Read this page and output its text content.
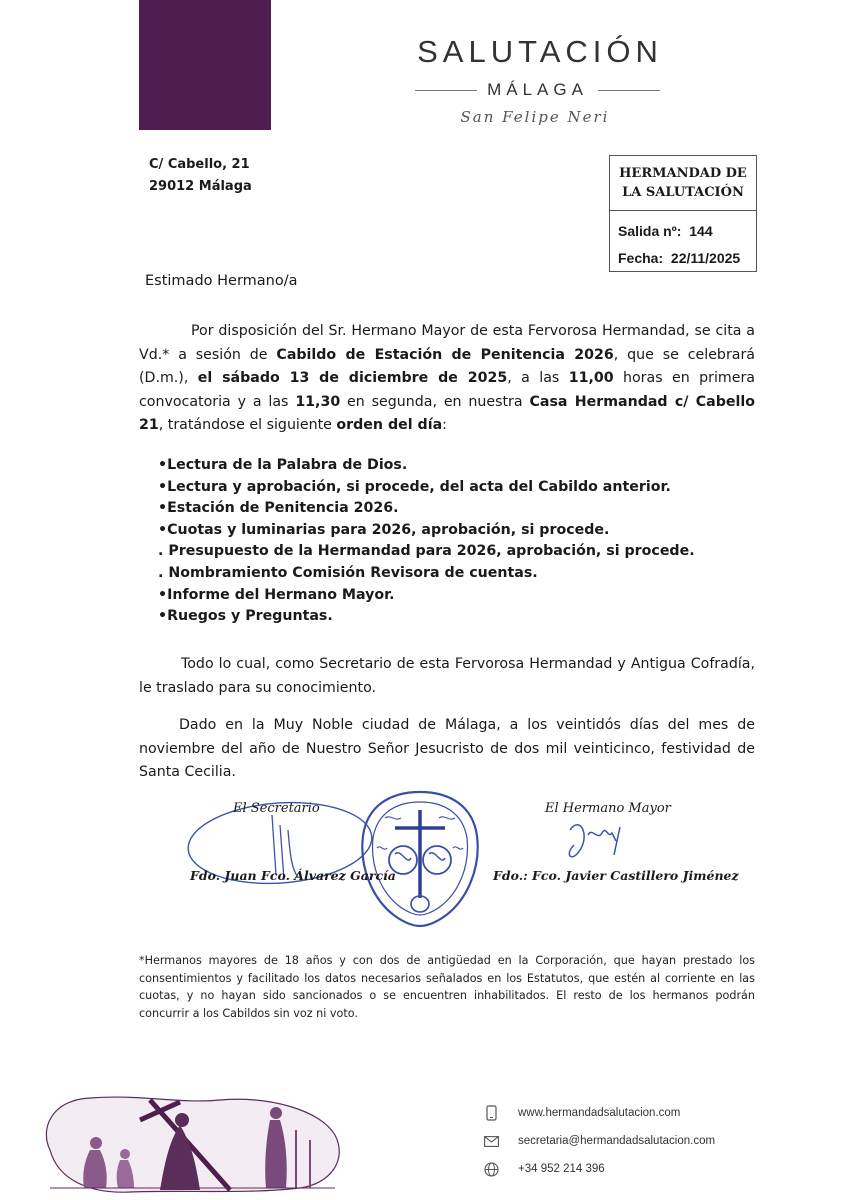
SALUTACIÓN
MÁLAGA
San Felipe Neri
C/ Cabello, 21
29012 Málaga
HERMANDAD DE
LA SALUTACIÓN
Salida nº: 144
Fecha: 22/11/2025
Estimado Hermano/a

Por disposición del Sr. Hermano Mayor de esta Fervorosa Hermandad, se cita a Vd.* a sesión de Cabildo de Estación de Penitencia 2026, que se celebrará (D.m.), el sábado 13 de diciembre de 2025, a las 11,00 horas en primera convocatoria y a las 11,30 en segunda, en nuestra Casa Hermandad c/ Cabello 21, tratándose el siguiente orden del día:

•Lectura de la Palabra de Dios.
•Lectura y aprobación, si procede, del acta del Cabildo anterior.
•Estación de Penitencia 2026.
•Cuotas y luminarias para 2026, aprobación, si procede.
. Presupuesto de la Hermandad para 2026, aprobación, si procede.
. Nombramiento Comisión Revisora de cuentas.
•Informe del Hermano Mayor.
•Ruegos y Preguntas.

Todo lo cual, como Secretario de esta Fervorosa Hermandad y Antigua Cofradía, le traslado para su conocimiento.

Dado en la Muy Noble ciudad de Málaga, a los veintidós días del mes de noviembre del año de Nuestro Señor Jesucristo de dos mil veinticinco, festividad de Santa Cecilia.

El Secretario
Fdo. Juan Fco. Álvarez García
El Hermano Mayor
Fdo.: Fco. Javier Castillero Jiménez

*Hermanos mayores de 18 años y con dos de antigüedad en la Corporación, que hayan prestado los consentimientos y facilitado los datos necesarios señalados en los Estatutos, que estén al corriente en las cuotas, y no hayan sido sancionados o se encuentren inhabilitados. El resto de los hermanos podrán concurrir a los Cabildos sin voz ni voto.

www.hermandadsalutacion.com
secretaria@hermandadsalutacion.com
+34 952 214 396
